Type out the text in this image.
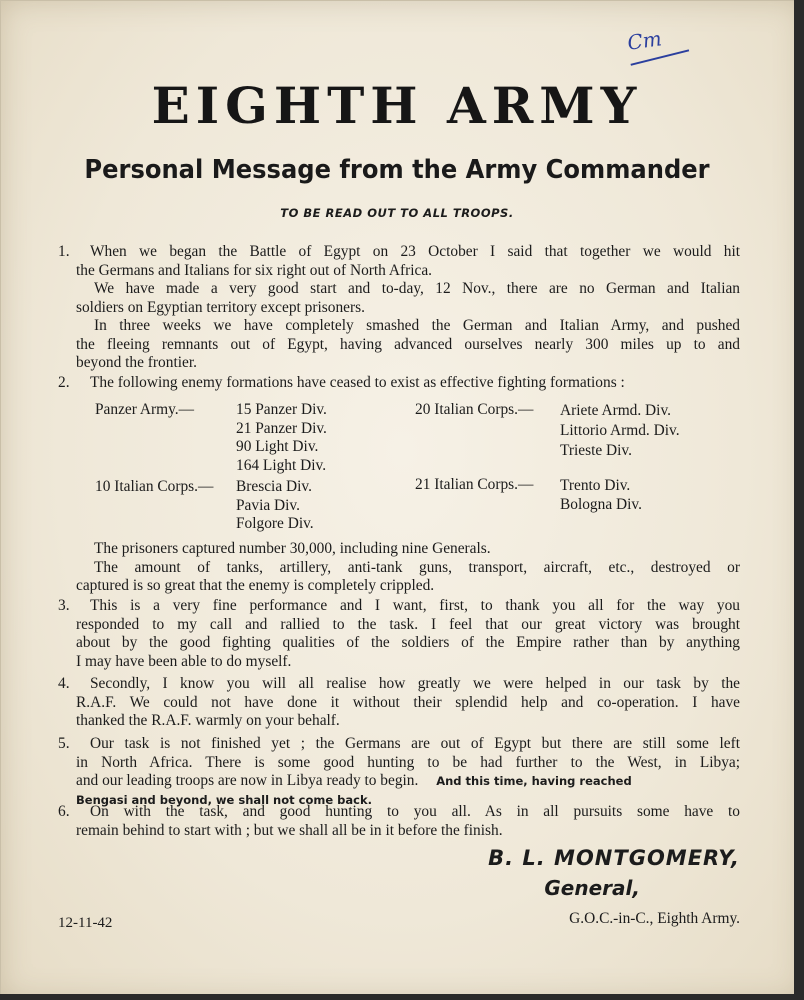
Cm
EIGHTH ARMY
Personal Message from the Army Commander
TO BE READ OUT TO ALL TROOPS.
1. When we began the Battle of Egypt on 23 October I said that together we would hit
the Germans and Italians for six right out of North Africa.
We have made a very good start and to-day, 12 Nov., there are no German and Italian
soldiers on Egyptian territory except prisoners.
In three weeks we have completely smashed the German and Italian Army, and pushed
the fleeing remnants out of Egypt, having advanced ourselves nearly 300 miles up to and
beyond the frontier.
2. The following enemy formations have ceased to exist as effective fighting formations :
Panzer Army.—	15 Panzer Div.
21 Panzer Div.
90 Light Div.
164 Light Div.
20 Italian Corps.— Ariete Armd. Div.
Littorio Armd. Div.
Trieste Div.
10 Italian Corps.— Brescia Div.
Pavia Div.
Folgore Div.
21 Italian Corps.— Trento Div.
Bologna Div.
The prisoners captured number 30,000, including nine Generals.
The amount of tanks, artillery, anti-tank guns, transport, aircraft, etc., destroyed or
captured is so great that the enemy is completely crippled.
3. This is a very fine performance and I want, first, to thank you all for the way you
responded to my call and rallied to the task. I feel that our great victory was brought
about by the good fighting qualities of the soldiers of the Empire rather than by anything
I may have been able to do myself.
4. Secondly, I know you will all realise how greatly we were helped in our task by the
R.A.F. We could not have done it without their splendid help and co-operation. I have
thanked the R.A.F. warmly on your behalf.
5. Our task is not finished yet ; the Germans are out of Egypt but there are still some left
in North Africa. There is some good hunting to be had further to the West, in Libya;
and our leading troops are now in Libya ready to begin. And this time, having reached
Bengasi and beyond, we shall not come back.
6. On with the task, and good hunting to you all. As in all pursuits some have to
remain behind to start with ; but we shall all be in it before the finish.
B. L. MONTGOMERY,
General,
G.O.C.-in-C., Eighth Army.
12-11-42
